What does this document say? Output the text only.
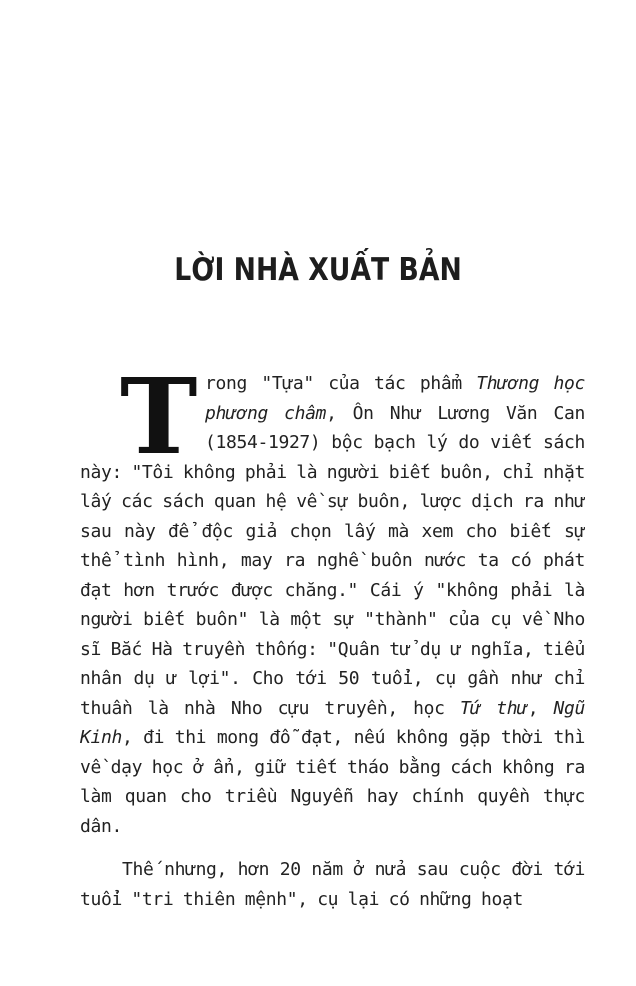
LỜI NHÀ XUẤT BẢN

Trong "Tựa" của tác phẩm Thương học phương châm, Ôn Như Lương Văn Can (1854-1927) bộc bạch lý do viết sách này: "Tôi không phải là người biết buôn, chỉ nhặt lấy các sách quan hệ về sự buôn, lược dịch ra như sau này để độc giả chọn lấy mà xem cho biết sự thể tình hình, may ra nghề buôn nước ta có phát đạt hơn trước được chăng." Cái ý "không phải là người biết buôn" là một sự "thành" của cụ về Nho sĩ Bắc Hà truyền thống: "Quân tử dụ ư nghĩa, tiểu nhân dụ ư lợi". Cho tới 50 tuổi, cụ gần như chỉ thuần là nhà Nho cựu truyền, học Tứ thư, Ngũ Kinh, đi thi mong đỗ đạt, nếu không gặp thời thì về dạy học ở ẩn, giữ tiết tháo bằng cách không ra làm quan cho triều Nguyễn hay chính quyền thực dân.

Thế nhưng, hơn 20 năm ở nửa sau cuộc đời tới tuổi "tri thiên mệnh", cụ lại có những hoạt
